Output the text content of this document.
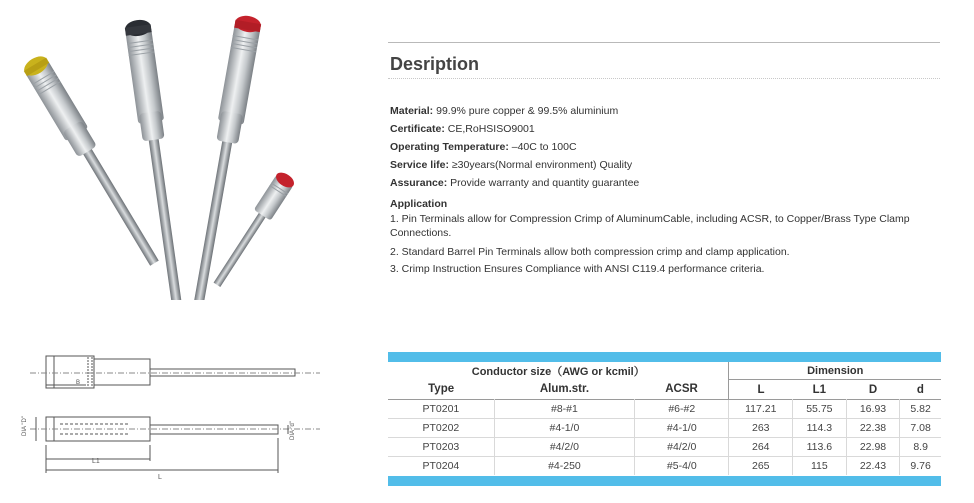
L1
L
B
DIA "D"	DIA "d"
Desription
Material: 99.9% pure copper & 99.5% aluminium
Certificate: CE,RoHSISO9001
Operating Temperature: –40C to 100C
Service life: ≥30years(Normal environment) Quality
Assurance: Provide warranty and quantity guarantee
Application
1. Pin Terminals allow for Compression Crimp of AluminumCable, including ACSR, to Copper/Brass Type Clamp Connections.
2. Standard Barrel Pin Terminals allow both compression crimp and clamp application.
3. Crimp Instruction Ensures Compliance with ANSI C119.4 performance criteria.
Conductor size（AWG or kcmil）			Dimension			
Type	Alum.str.	ACSR	L	L1	D	d
PT0201	#8-#1	#6-#2	117.21	55.75	16.93	5.82
PT0202	#4-1/0	#4-1/0	263	114.3	22.38	7.08
PT0203	#4/2/0	#4/2/0	264	113.6	22.98	8.9
PT0204	#4-250	#5-4/0	265	115	22.43	9.76
